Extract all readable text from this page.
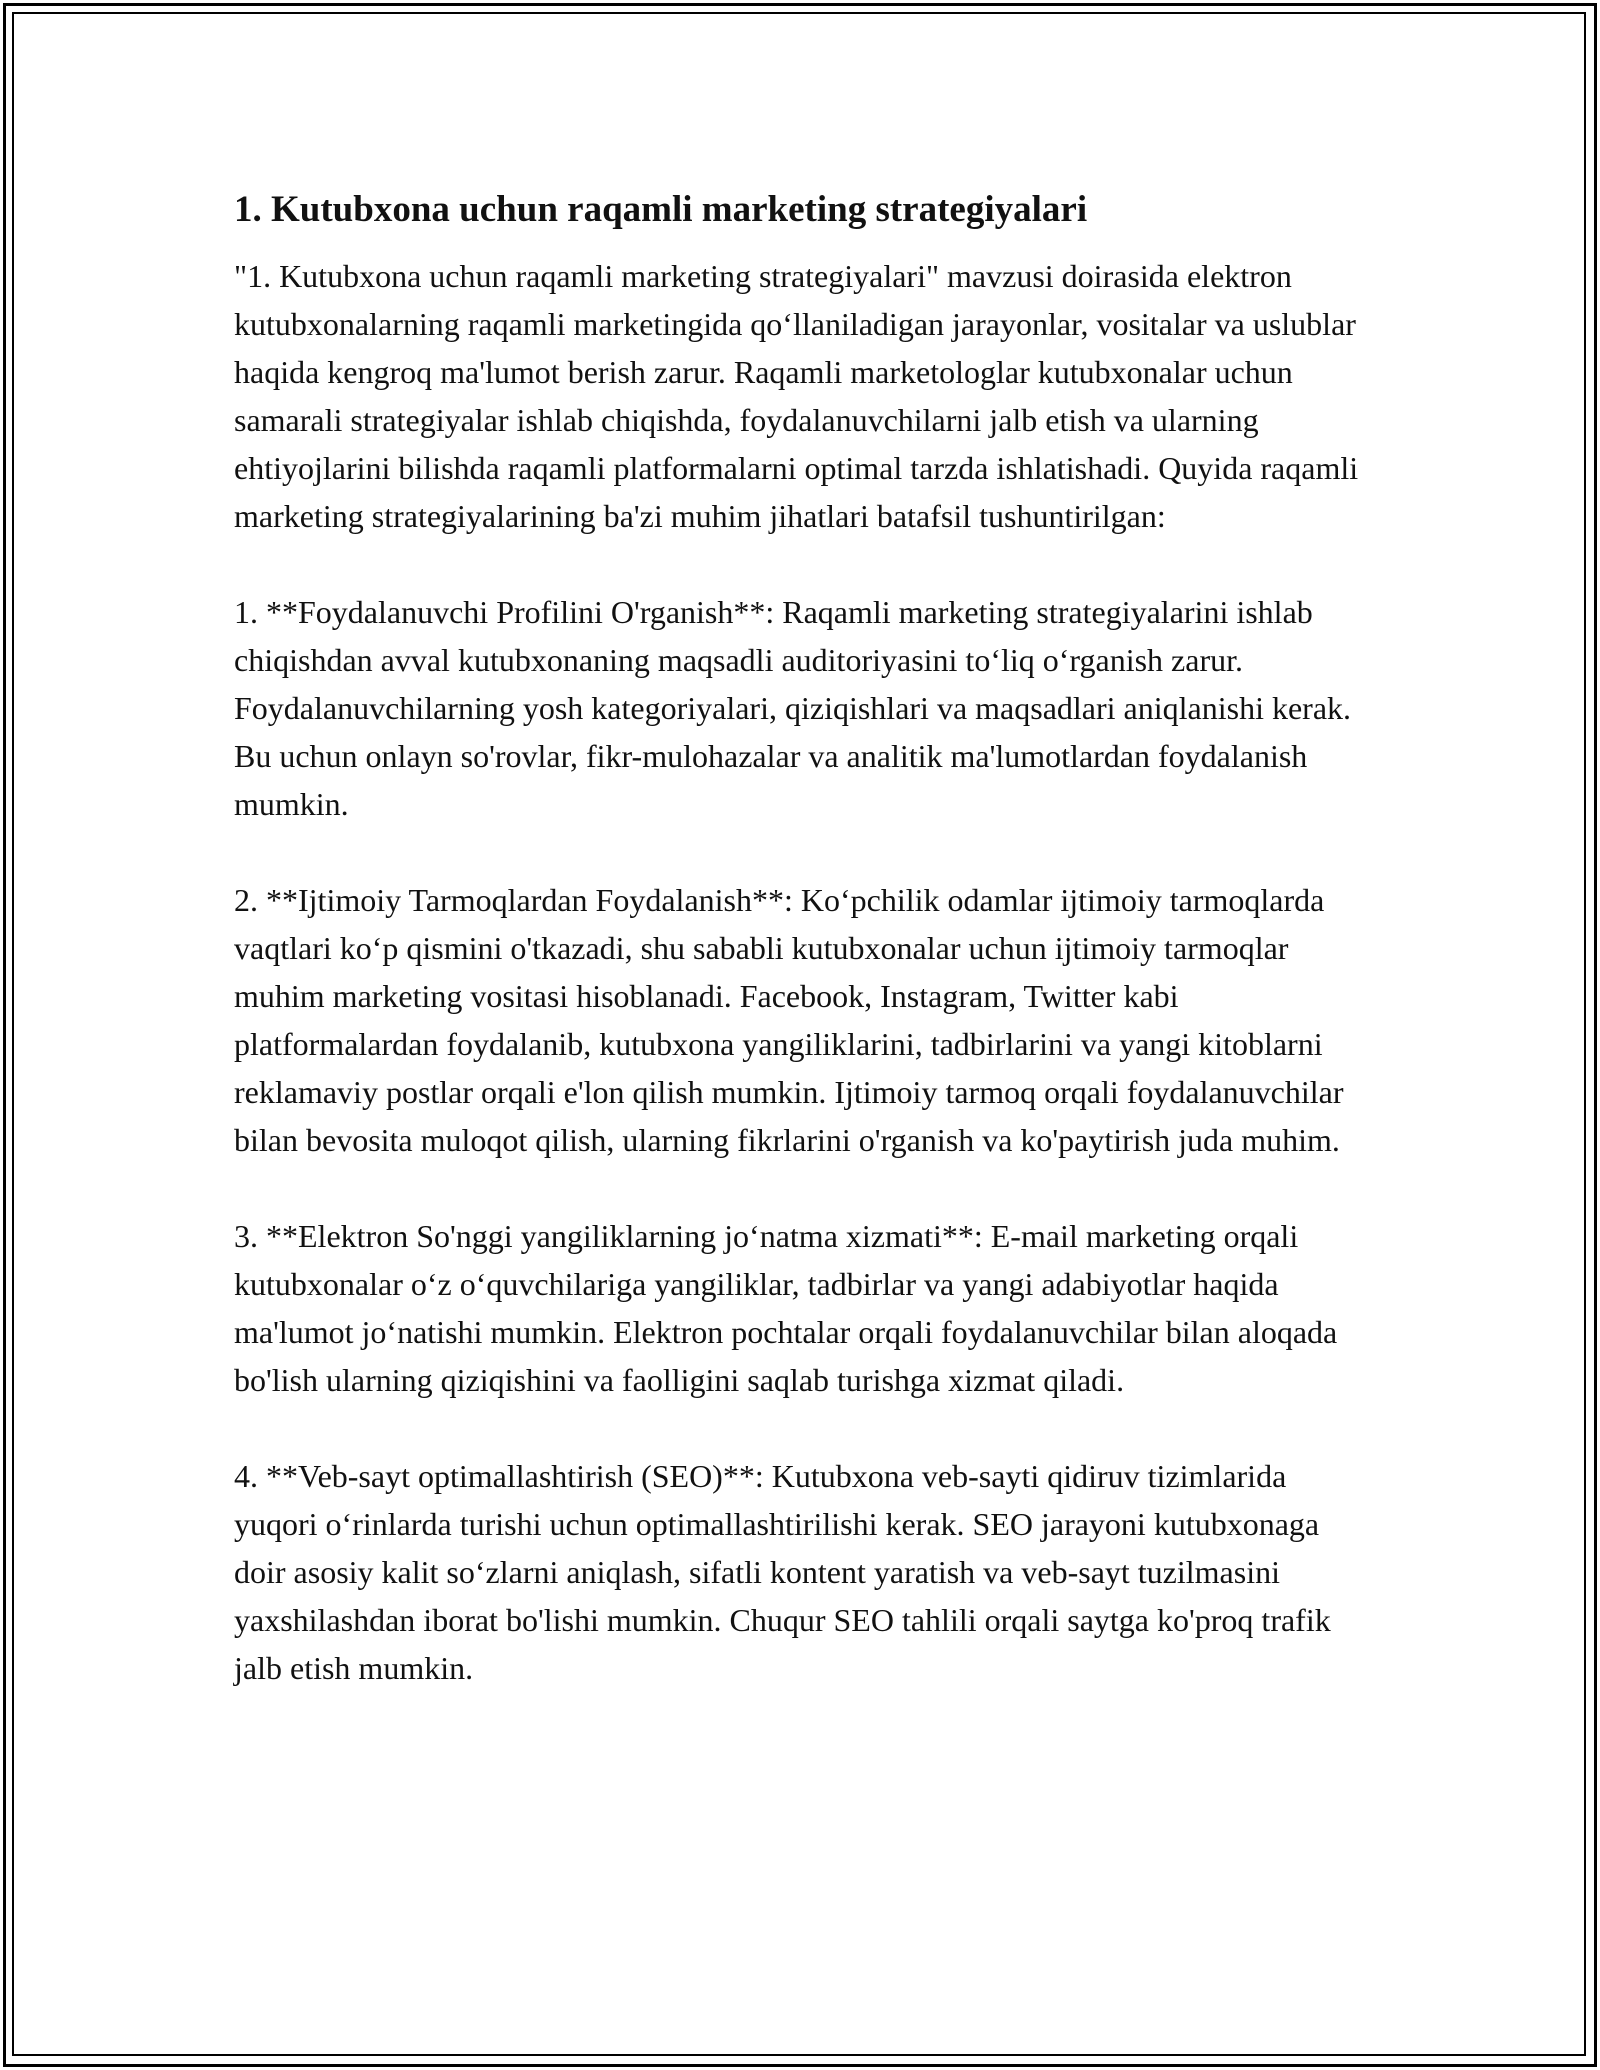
1. Kutubxona uchun raqamli marketing strategiyalari

"1. Kutubxona uchun raqamli marketing strategiyalari" mavzusi doirasida elektron kutubxonalarning raqamli marketingida qo‘llaniladigan jarayonlar, vositalar va uslublar haqida kengroq ma'lumot berish zarur. Raqamli marketologlar kutubxonalar uchun samarali strategiyalar ishlab chiqishda, foydalanuvchilarni jalb etish va ularning ehtiyojlarini bilishda raqamli platformalarni optimal tarzda ishlatishadi. Quyida raqamli marketing strategiyalarining ba'zi muhim jihatlari batafsil tushuntirilgan:

1. **Foydalanuvchi Profilini O'rganish**: Raqamli marketing strategiyalarini ishlab chiqishdan avval kutubxonaning maqsadli auditoriyasini to‘liq o‘rganish zarur. Foydalanuvchilarning yosh kategoriyalari, qiziqishlari va maqsadlari aniqlanishi kerak. Bu uchun onlayn so'rovlar, fikr-mulohazalar va analitik ma'lumotlardan foydalanish mumkin.

2. **Ijtimoiy Tarmoqlardan Foydalanish**: Ko‘pchilik odamlar ijtimoiy tarmoqlarda vaqtlari ko‘p qismini o'tkazadi, shu sababli kutubxonalar uchun ijtimoiy tarmoqlar muhim marketing vositasi hisoblanadi. Facebook, Instagram, Twitter kabi platformalardan foydalanib, kutubxona yangiliklarini, tadbirlarini va yangi kitoblarni reklamaviy postlar orqali e'lon qilish mumkin. Ijtimoiy tarmoq orqali foydalanuvchilar bilan bevosita muloqot qilish, ularning fikrlarini o'rganish va ko'paytirish juda muhim.

3. **Elektron So'nggi yangiliklarning jo‘natma xizmati**: E-mail marketing orqali kutubxonalar o‘z o‘quvchilariga yangiliklar, tadbirlar va yangi adabiyotlar haqida ma'lumot jo‘natishi mumkin. Elektron pochtalar orqali foydalanuvchilar bilan aloqada bo'lish ularning qiziqishini va faolligini saqlab turishga xizmat qiladi.

4. **Veb-sayt optimallashtirish (SEO)**: Kutubxona veb-sayti qidiruv tizimlarida yuqori o‘rinlarda turishi uchun optimallashtirilishi kerak. SEO jarayoni kutubxonaga doir asosiy kalit so‘zlarni aniqlash, sifatli kontent yaratish va veb-sayt tuzilmasini yaxshilashdan iborat bo'lishi mumkin. Chuqur SEO tahlili orqali saytga ko'proq trafik jalb etish mumkin.
